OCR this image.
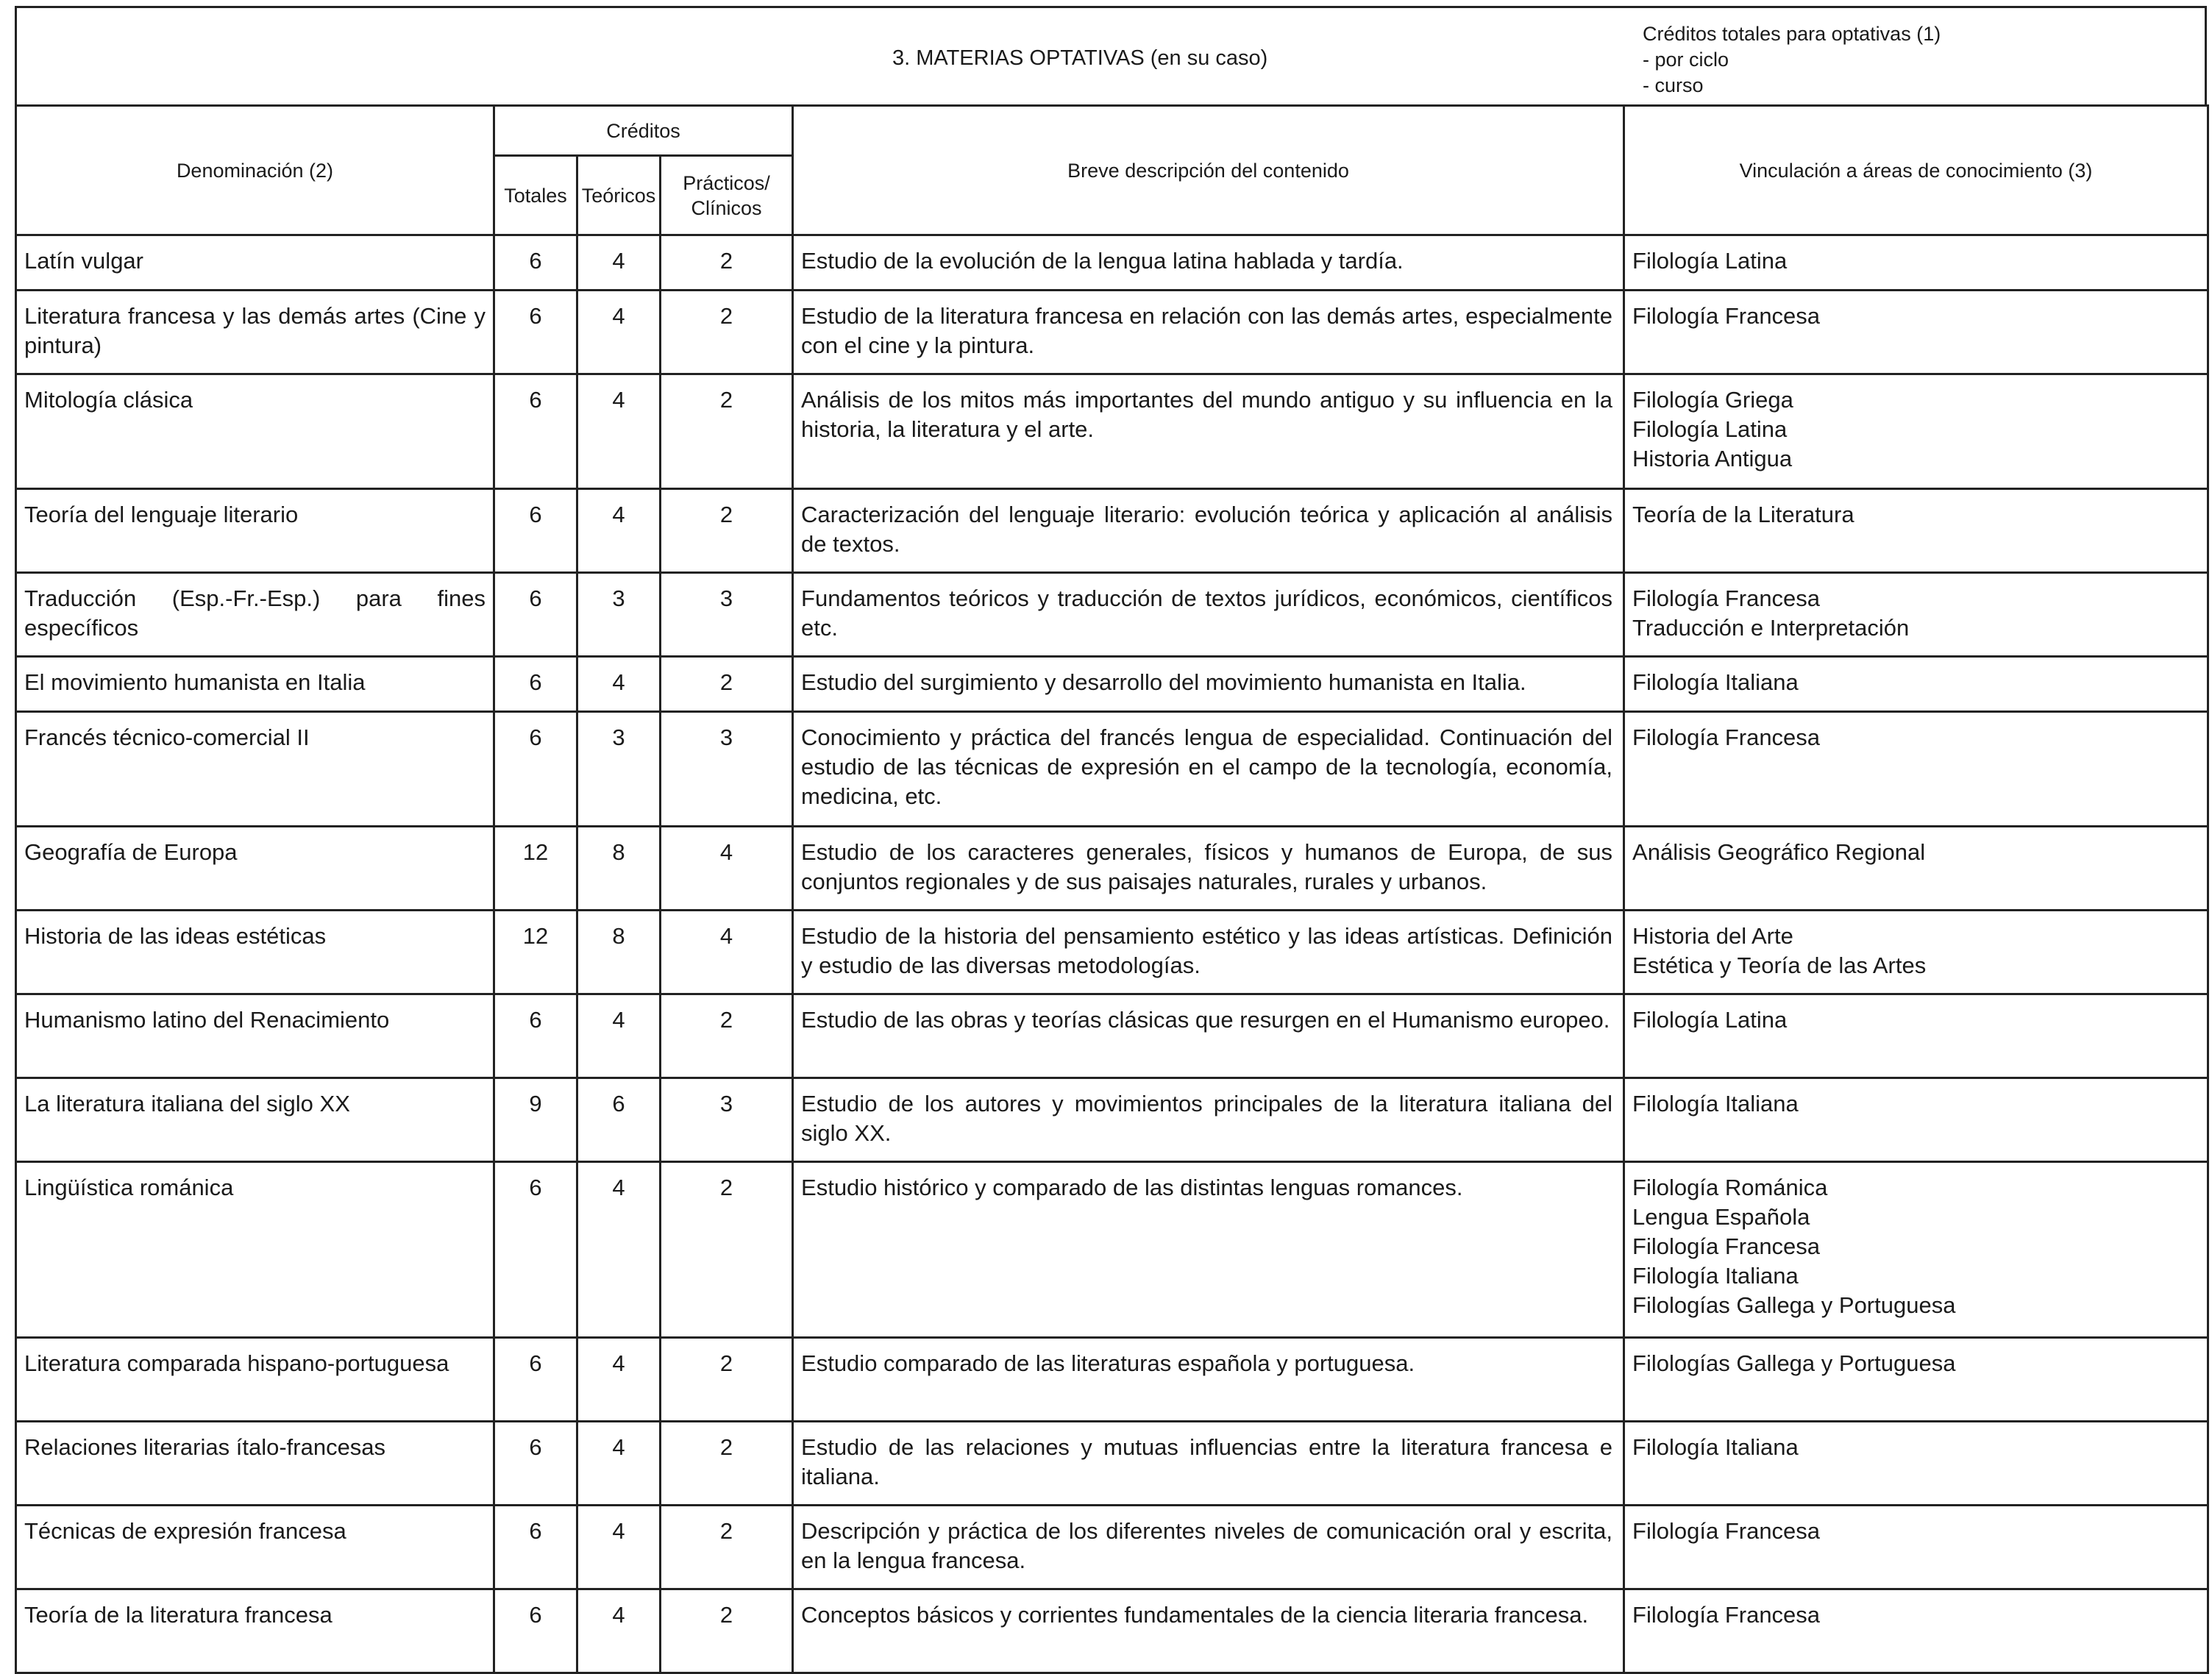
3. MATERIAS OPTATIVAS (en su caso)
Créditos totales para optativas (1)
- por ciclo
- curso
Denominación (2)	Créditos			Breve descripción del contenido	Vinculación a áreas de conocimiento (3)
	Totales	Teóricos	Prácticos/ Clínicos		
Latín vulgar	6	4	2	Estudio de la evolución de la lengua latina hablada y tardía.	Filología Latina

Literatura francesa y las demás artes (Cine y pintura)	6	4	2	Estudio de la literatura francesa en relación con las demás artes, especialmente con el cine y la pintura.	Filología Francesa

Mitología clásica	6	4	2	Análisis de los mitos más importantes del mundo antiguo y su influencia en la historia, la literatura y el arte.	Filología Griega
Filología Latina
Historia Antigua

Teoría del lenguaje literario	6	4	2	Caracterización del lenguaje literario: evolución teórica y aplicación al análisis de textos.	Teoría de la Literatura

Traducción (Esp.-Fr.-Esp.) para fines específicos	6	3	3	Fundamentos teóricos y traducción de textos jurídicos, económicos, científicos etc.	Filología Francesa
Traducción e Interpretación

El movimiento humanista en Italia	6	4	2	Estudio del surgimiento y desarrollo del movimiento humanista en Italia.	Filología Italiana

Francés técnico-comercial II	6	3	3	Conocimiento y práctica del francés lengua de especialidad. Continuación del estudio de las técnicas de expresión en el campo de la tecnología, economía, medicina, etc.	Filología Francesa

Geografía de Europa	12	8	4	Estudio de los caracteres generales, físicos y humanos de Europa, de sus conjuntos regionales y de sus paisajes naturales, rurales y urbanos.	Análisis Geográfico Regional

Historia de las ideas estéticas	12	8	4	Estudio de la historia del pensamiento estético y las ideas artísticas. Definición y estudio de las diversas metodologías.	Historia del Arte
Estética y Teoría de las Artes

Humanismo latino del Renacimiento	6	4	2	Estudio de las obras y teorías clásicas que resurgen en el Humanismo europeo.	Filología Latina

La literatura italiana del siglo XX	9	6	3	Estudio de los autores y movimientos principales de la literatura italiana del siglo XX.	Filología Italiana

Lingüística románica	6	4	2	Estudio histórico y comparado de las distintas lenguas romances.	Filología Románica
Lengua Española
Filología Francesa
Filología Italiana
Filologías Gallega y Portuguesa

Literatura comparada hispano-portuguesa	6	4	2	Estudio comparado de las literaturas española y portuguesa.	Filologías Gallega y Portuguesa

Relaciones literarias ítalo-francesas	6	4	2	Estudio de las relaciones y mutuas influencias entre la literatura francesa e italiana.	Filología Italiana

Técnicas de expresión francesa	6	4	2	Descripción y práctica de los diferentes niveles de comunicación oral y escrita, en la lengua francesa.	Filología Francesa

Teoría de la literatura francesa	6	4	2	Conceptos básicos y corrientes fundamentales de la ciencia literaria francesa.	Filología Francesa
